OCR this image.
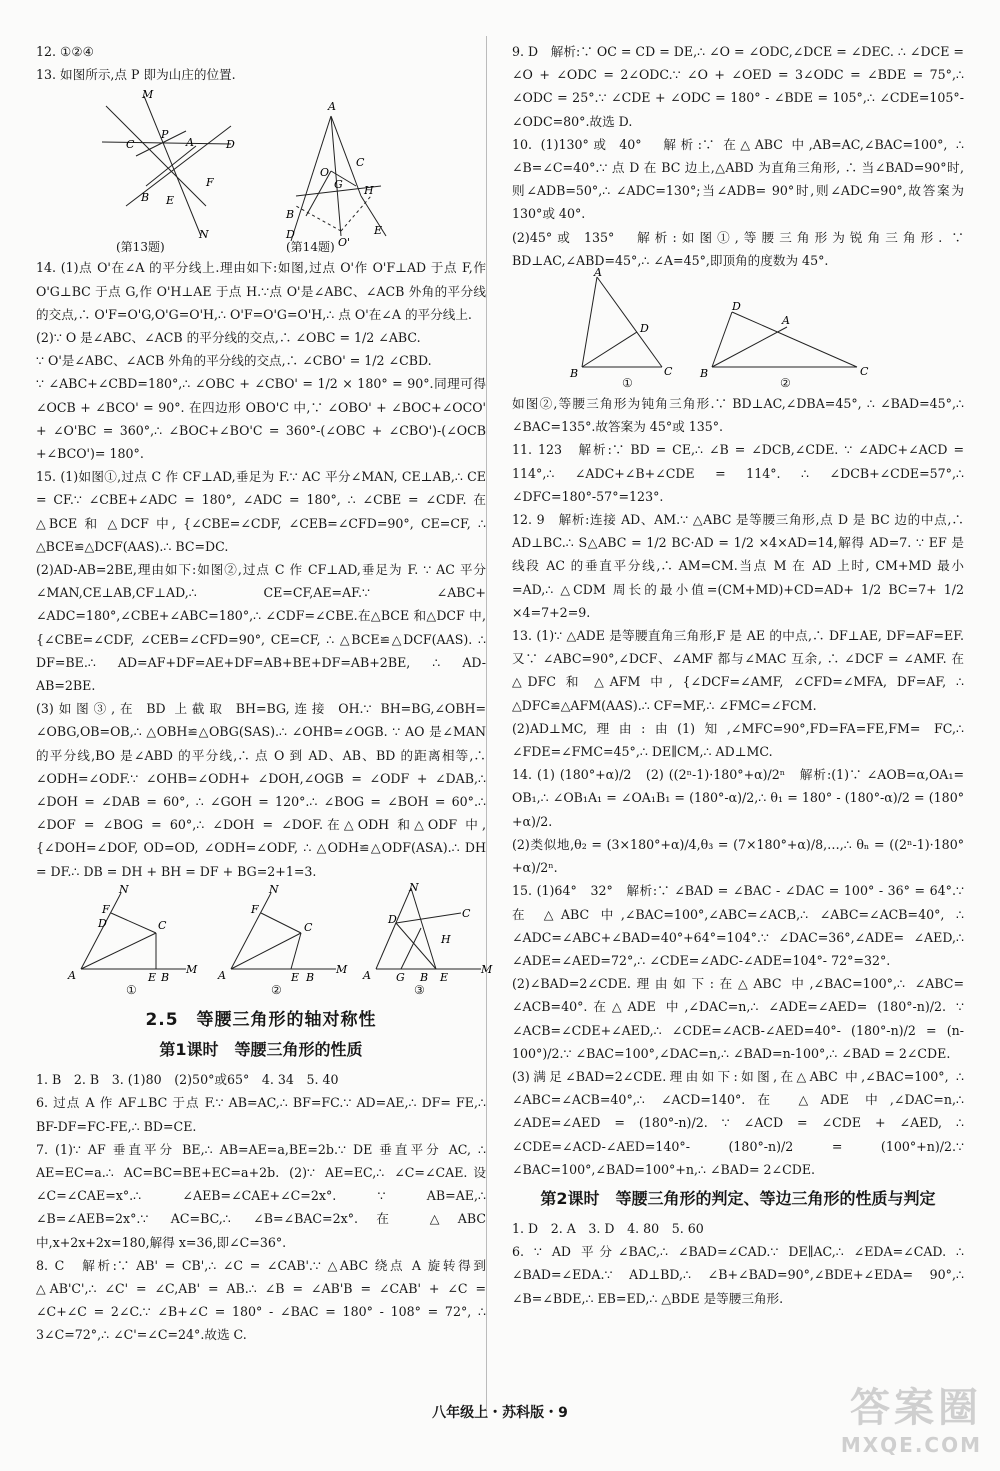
12. ①②④

13. 如图所示,点 P 即为山庄的位置.

M
C
P
A	D
B E
F
N
A
O
G H
B
D
O'
E
C
(第13题)	(第14题)

14. (1)点 O'在∠A 的平分线上.理由如下:如图,过点 O'作 O'F⊥AD 于点 F,作 O'G⊥BC 于点 G,作 O'H⊥AE 于点 H.∵点 O'是∠ABC、∠ACB 外角的平分线的交点,∴ O'F=O'G,O'G=O'H,∴ O'F=O'G=O'H,∴ 点 O'在∠A 的平分线上.

(2)∵ O 是∠ABC、∠ACB 的平分线的交点,∴ ∠OBC = 1/2 ∠ABC.

∵ O'是∠ABC、∠ACB 外角的平分线的交点,∴ ∠CBO' = 1/2 ∠CBD.

∵ ∠ABC+∠CBD=180°,∴ ∠OBC + ∠CBO' = 1/2 × 180° = 90°.同理可得∠OCB + ∠BCO' = 90°. 在四边形 OBO'C 中,∵ ∠OBO' + ∠BOC+∠OCO' + ∠O'BC = 360°,∴ ∠BOC+∠BO'C = 360°-(∠OBC + ∠CBO')-(∠OCB +∠BCO')= 180°.

15. (1)如图①,过点 C 作 CF⊥AD,垂足为 F.∵ AC 平分∠MAN, CE⊥AB,∴ CE = CF.∵ ∠CBE+∠ADC = 180°, ∠ADC = 180°, ∴ ∠CBE = ∠CDF. 在 △BCE 和 △DCF 中, {∠CBE=∠CDF, ∠CEB=∠CFD=90°, CE=CF, ∴ △BCE≌△DCF(AAS).∴ BC=DC.

(2)AD-AB=2BE,理由如下:如图②,过点 C 作 CF⊥AD,垂足为 F. ∵ AC 平分∠MAN,CE⊥AB,CF⊥AD,∴ CE=CF,AE=AF.∵ ∠ABC+ ∠ADC=180°,∠CBE+∠ABC=180°,∴ ∠CDF=∠CBE.在△BCE 和△DCF 中, {∠CBE=∠CDF, ∠CEB=∠CFD=90°, CE=CF, ∴ △BCE≌△DCF(AAS). ∴ DF=BE.∴ AD=AF+DF=AE+DF=AB+BE+DF=AB+2BE, ∴ AD-AB=2BE.

(3)如图③,在 BD 上截取 BH=BG,连接 OH.∵ BH=BG,∠OBH= ∠OBG,OB=OB,∴ △OBH≌△OBG(SAS).∴ ∠OHB=∠OGB. ∵ AO 是∠MAN 的平分线,BO 是∠ABD 的平分线,∴ 点 O 到 AD、AB、BD 的距离相等,∴ ∠ODH=∠ODF.∵ ∠OHB=∠ODH+ ∠DOH,∠OGB = ∠ODF + ∠DAB,∴ ∠DOH = ∠DAB = 60°, ∴ ∠GOH = 120°.∴ ∠BOG = ∠BOH = 60°.∴ ∠DOF = ∠BOG = 60°,∴ ∠DOH = ∠DOF.在△ODH 和△ODF 中, {∠DOH=∠DOF, OD=OD, ∠ODH=∠ODF, ∴ △ODH≌△ODF(ASA).∴ DH = DF.∴ DB = DH + BH = DF + BG=2+1=3.

A	E B
M
N
F
D	C
A	E B
M
N
F
C
A G B E
M
N
D
H
C
①	②	③
2.5　等腰三角形的轴对称性
第1课时　等腰三角形的性质

1. B　2. B　3. (1)80　(2)50°或65°　4. 34　5. 40

6. 过点 A 作 AF⊥BC 于点 F.∵ AB=AC,∴ BF=FC.∵ AD=AE,∴ DF= FE,∴ BF-DF=FC-FE,∴ BD=CE.

7. (1)∵ AF 垂直平分 BE,∴ AB=AE=a,BE=2b.∵ DE 垂直平分 AC, ∴ AE=EC=a.∴ AC=BC=BE+EC=a+2b. (2)∵ AE=EC,∴ ∠C=∠CAE.设∠C=∠CAE=x°.∴ ∠AEB=∠CAE+∠C=2x°. ∵ AB=AE,∴ ∠B=∠AEB=2x°.∵ AC=BC,∴ ∠B=∠BAC=2x°.在 △ABC 中,x+2x+2x=180,解得 x=36,即∠C=36°.

8. C　解析:∵ AB' = CB',∴ ∠C = ∠CAB'.∵ △ABC 绕点 A 旋转得到 △AB'C',∴ ∠C' = ∠C,AB' = AB.∴ ∠B = ∠AB'B = ∠CAB' + ∠C = ∠C+∠C = 2∠C.∵ ∠B+∠C = 180° - ∠BAC = 180° - 108° = 72°, ∴ 3∠C=72°,∴ ∠C'=∠C=24°.故选 C.

9. D　解析:∵ OC = CD = DE,∴ ∠O = ∠ODC,∠DCE = ∠DEC. ∴ ∠DCE = ∠O + ∠ODC = 2∠ODC.∵ ∠O + ∠OED = 3∠ODC = ∠BDE = 75°,∴ ∠ODC = 25°.∵ ∠CDE + ∠ODC = 180° - ∠BDE = 105°,∴ ∠CDE=105°-∠ODC=80°.故选 D.

10. (1)130°或 40°　解析:∵ 在△ABC 中,AB=AC,∠BAC=100°, ∴ ∠B=∠C=40°.∵ 点 D 在 BC 边上,△ABD 为直角三角形, ∴ 当∠BAD=90°时,则∠ADB=50°,∴ ∠ADC=130°;当∠ADB= 90°时,则∠ADC=90°,故答案为 130°或 40°.

(2)45°或 135°　解析:如图①,等腰三角形为锐角三角形. ∵ BD⊥AC,∠ABD=45°,∴ ∠A=45°,即顶角的度数为 45°.

A
B	C
D
B	C
D
A
①	②

如图②,等腰三角形为钝角三角形.∵ BD⊥AC,∠DBA=45°, ∴ ∠BAD=45°,∴ ∠BAC=135°.故答案为 45°或 135°.

11. 123　解析:∵ BD = CE,∴ ∠B = ∠DCB,∠CDE. ∵ ∠ADC+∠ACD = 114°,∴ ∠ADC+∠B+∠CDE = 114°. ∴ ∠DCB+∠CDE=57°,∴ ∠DFC=180°-57°=123°.

12. 9　解析:连接 AD、AM.∵ △ABC 是等腰三角形,点 D 是 BC 边的中点,∴ AD⊥BC.∴ S△ABC = 1/2 BC·AD = 1/2 ×4×AD=14,解得 AD=7. ∵ EF 是线段 AC 的垂直平分线,∴ AM=CM.当点 M 在 AD 上时, CM+MD 最小=AD,∴ △CDM 周长的最小值=(CM+MD)+CD=AD+ 1/2 BC=7+ 1/2 ×4=7+2=9.

13. (1)∵ △ADE 是等腰直角三角形,F 是 AE 的中点,∴ DF⊥AE, DF=AF=EF.又∵ ∠ABC=90°,∠DCF、∠AMF 都与∠MAC 互余, ∴ ∠DCF = ∠AMF. 在 △DFC 和 △AFM 中, {∠DCF=∠AMF, ∠CFD=∠MFA, DF=AF, ∴ △DFC≌△AFM(AAS).∴ CF=MF,∴ ∠FMC=∠FCM.

(2)AD⊥MC,理由:由(1)知,∠MFC=90°,FD=FA=FE,FM= FC,∴ ∠FDE=∠FMC=45°,∴ DE∥CM,∴ AD⊥MC.

14. (1) (180°+α)/2　(2) ((2ⁿ-1)·180°+α)/2ⁿ　解析:(1)∵ ∠AOB=α,OA₁= OB₁,∴ ∠OB₁A₁ = ∠OA₁B₁ = (180°-α)/2,∴ θ₁ = 180° - (180°-α)/2 = (180°+α)/2.

(2)类似地,θ₂ = (3×180°+α)/4,θ₃ = (7×180°+α)/8,…,∴ θₙ = ((2ⁿ-1)·180°+α)/2ⁿ.

15. (1)64°　32°　解析:∵ ∠BAD = ∠BAC - ∠DAC = 100° - 36° = 64°.∵ 在 △ABC 中,∠BAC=100°,∠ABC=∠ACB,∴ ∠ABC=∠ACB=40°, ∴ ∠ADC=∠ABC+∠BAD=40°+64°=104°.∵ ∠DAC=36°,∠ADE= ∠AED,∴ ∠ADE=∠AED=72°,∴ ∠CDE=∠ADC-∠ADE=104°- 72°=32°.

(2)∠BAD=2∠CDE.理由如下:在△ABC 中,∠BAC=100°,∴ ∠ABC= ∠ACB=40°.在△ADE 中,∠DAC=n,∴ ∠ADE=∠AED= (180°-n)/2. ∵ ∠ACB=∠CDE+∠AED,∴ ∠CDE=∠ACB-∠AED=40°- (180°-n)/2 = (n-100°)/2.∵ ∠BAC=100°,∠DAC=n,∴ ∠BAD=n-100°,∴ ∠BAD = 2∠CDE.

(3)满足∠BAD=2∠CDE.理由如下:如图,在△ABC 中,∠BAC=100°, ∴ ∠ABC=∠ACB=40°,∴ ∠ACD=140°.在 △ADE 中,∠DAC=n,∴ ∠ADE=∠AED = (180°-n)/2. ∵ ∠ACD = ∠CDE + ∠AED, ∴ ∠CDE=∠ACD-∠AED=140°- (180°-n)/2 = (100°+n)/2.∵ ∠BAC=100°,∠BAD=100°+n,∴ ∠BAD= 2∠CDE.

第2课时　等腰三角形的判定、等边三角形的性质与判定

1. D　2. A　3. D　4. 80　5. 60

6. ∵ AD 平分∠BAC,∴ ∠BAD=∠CAD.∵ DE∥AC,∴ ∠EDA=∠CAD. ∴ ∠BAD=∠EDA.∵ AD⊥BD,∴ ∠B+∠BAD=90°,∠BDE+∠EDA= 90°,∴ ∠B=∠BDE,∴ EB=ED,∴ △BDE 是等腰三角形.

八年级上・苏科版・9	答案圈
MXQE.COM
